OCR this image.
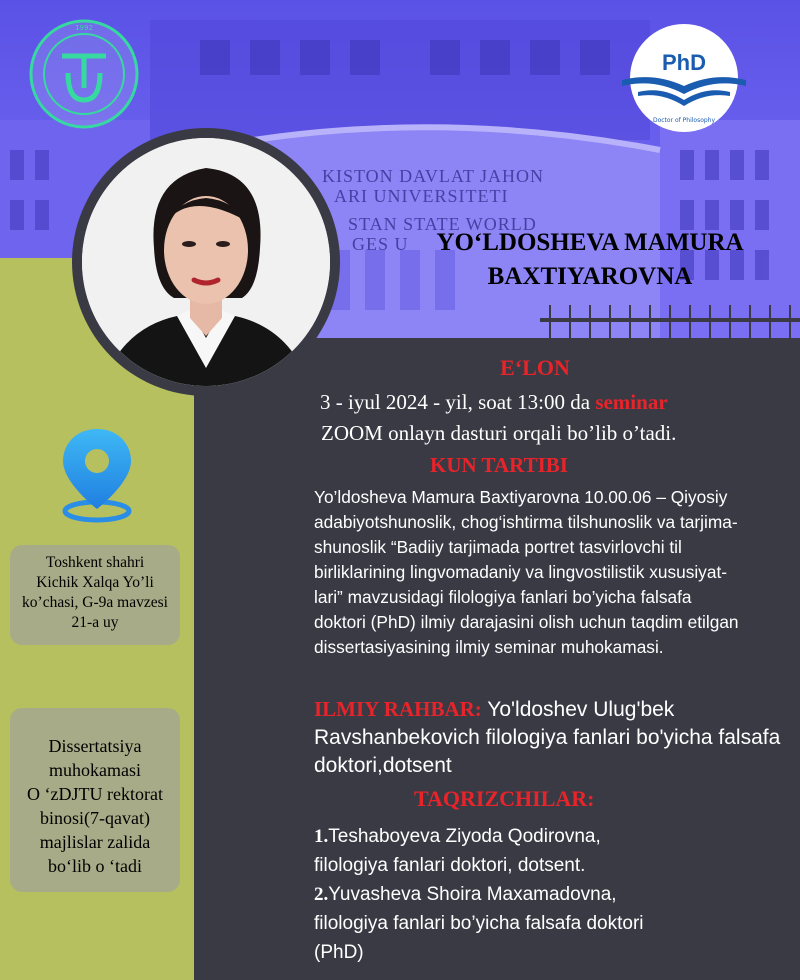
KISTON DAVLAT JAHON
ARI UNIVERSITETI
STAN STATE WORLD
GES U
1992
PhD
Doctor of Philosophy
YO‘LDOSHEVA MAMURA
BAXTIYAROVNA
E‘LON
3 - iyul 2024 - yil, soat 13:00 da seminar
ZOOM onlayn dasturi orqali bo’lib o’tadi.
KUN TARTIBI
Yo’ldosheva Mamura Baxtiyarovna 10.00.06 – Qiyosiy
adabiyotshunoslik, chog‘ishtirma tilshunoslik va tarjima-
shunoslik “Badiiy tarjimada portret tasvirlovchi til
birliklarining lingvomadaniy va lingvostilistik xususiyat-
lari” mavzusidagi filologiya fanlari bo’yicha falsafa
doktori (PhD) ilmiy darajasini olish uchun taqdim etilgan
dissertasiyasining ilmiy seminar muhokamasi.
ILMIY RAHBAR: Yo'ldoshev Ulug'bek Ravshanbekovich filologiya fanlari bo'yicha falsafa doktori,dotsent
TAQRIZCHILAR:
1.Teshaboyeva Ziyoda Qodirovna,
filologiya fanlari doktori, dotsent.
2.Yuvasheva Shoira Maxamadovna,
filologiya fanlari bo’yicha falsafa doktori
(PhD)
Toshkent shahri
Kichik Xalqa Yo’li
ko’chasi, G-9a mavzesi
21-a uy
Dissertatsiya
muhokamasi
O ‘zDJTU rektorat
binosi(7-qavat)
majlislar zalida
bo‘lib o ‘tadi
